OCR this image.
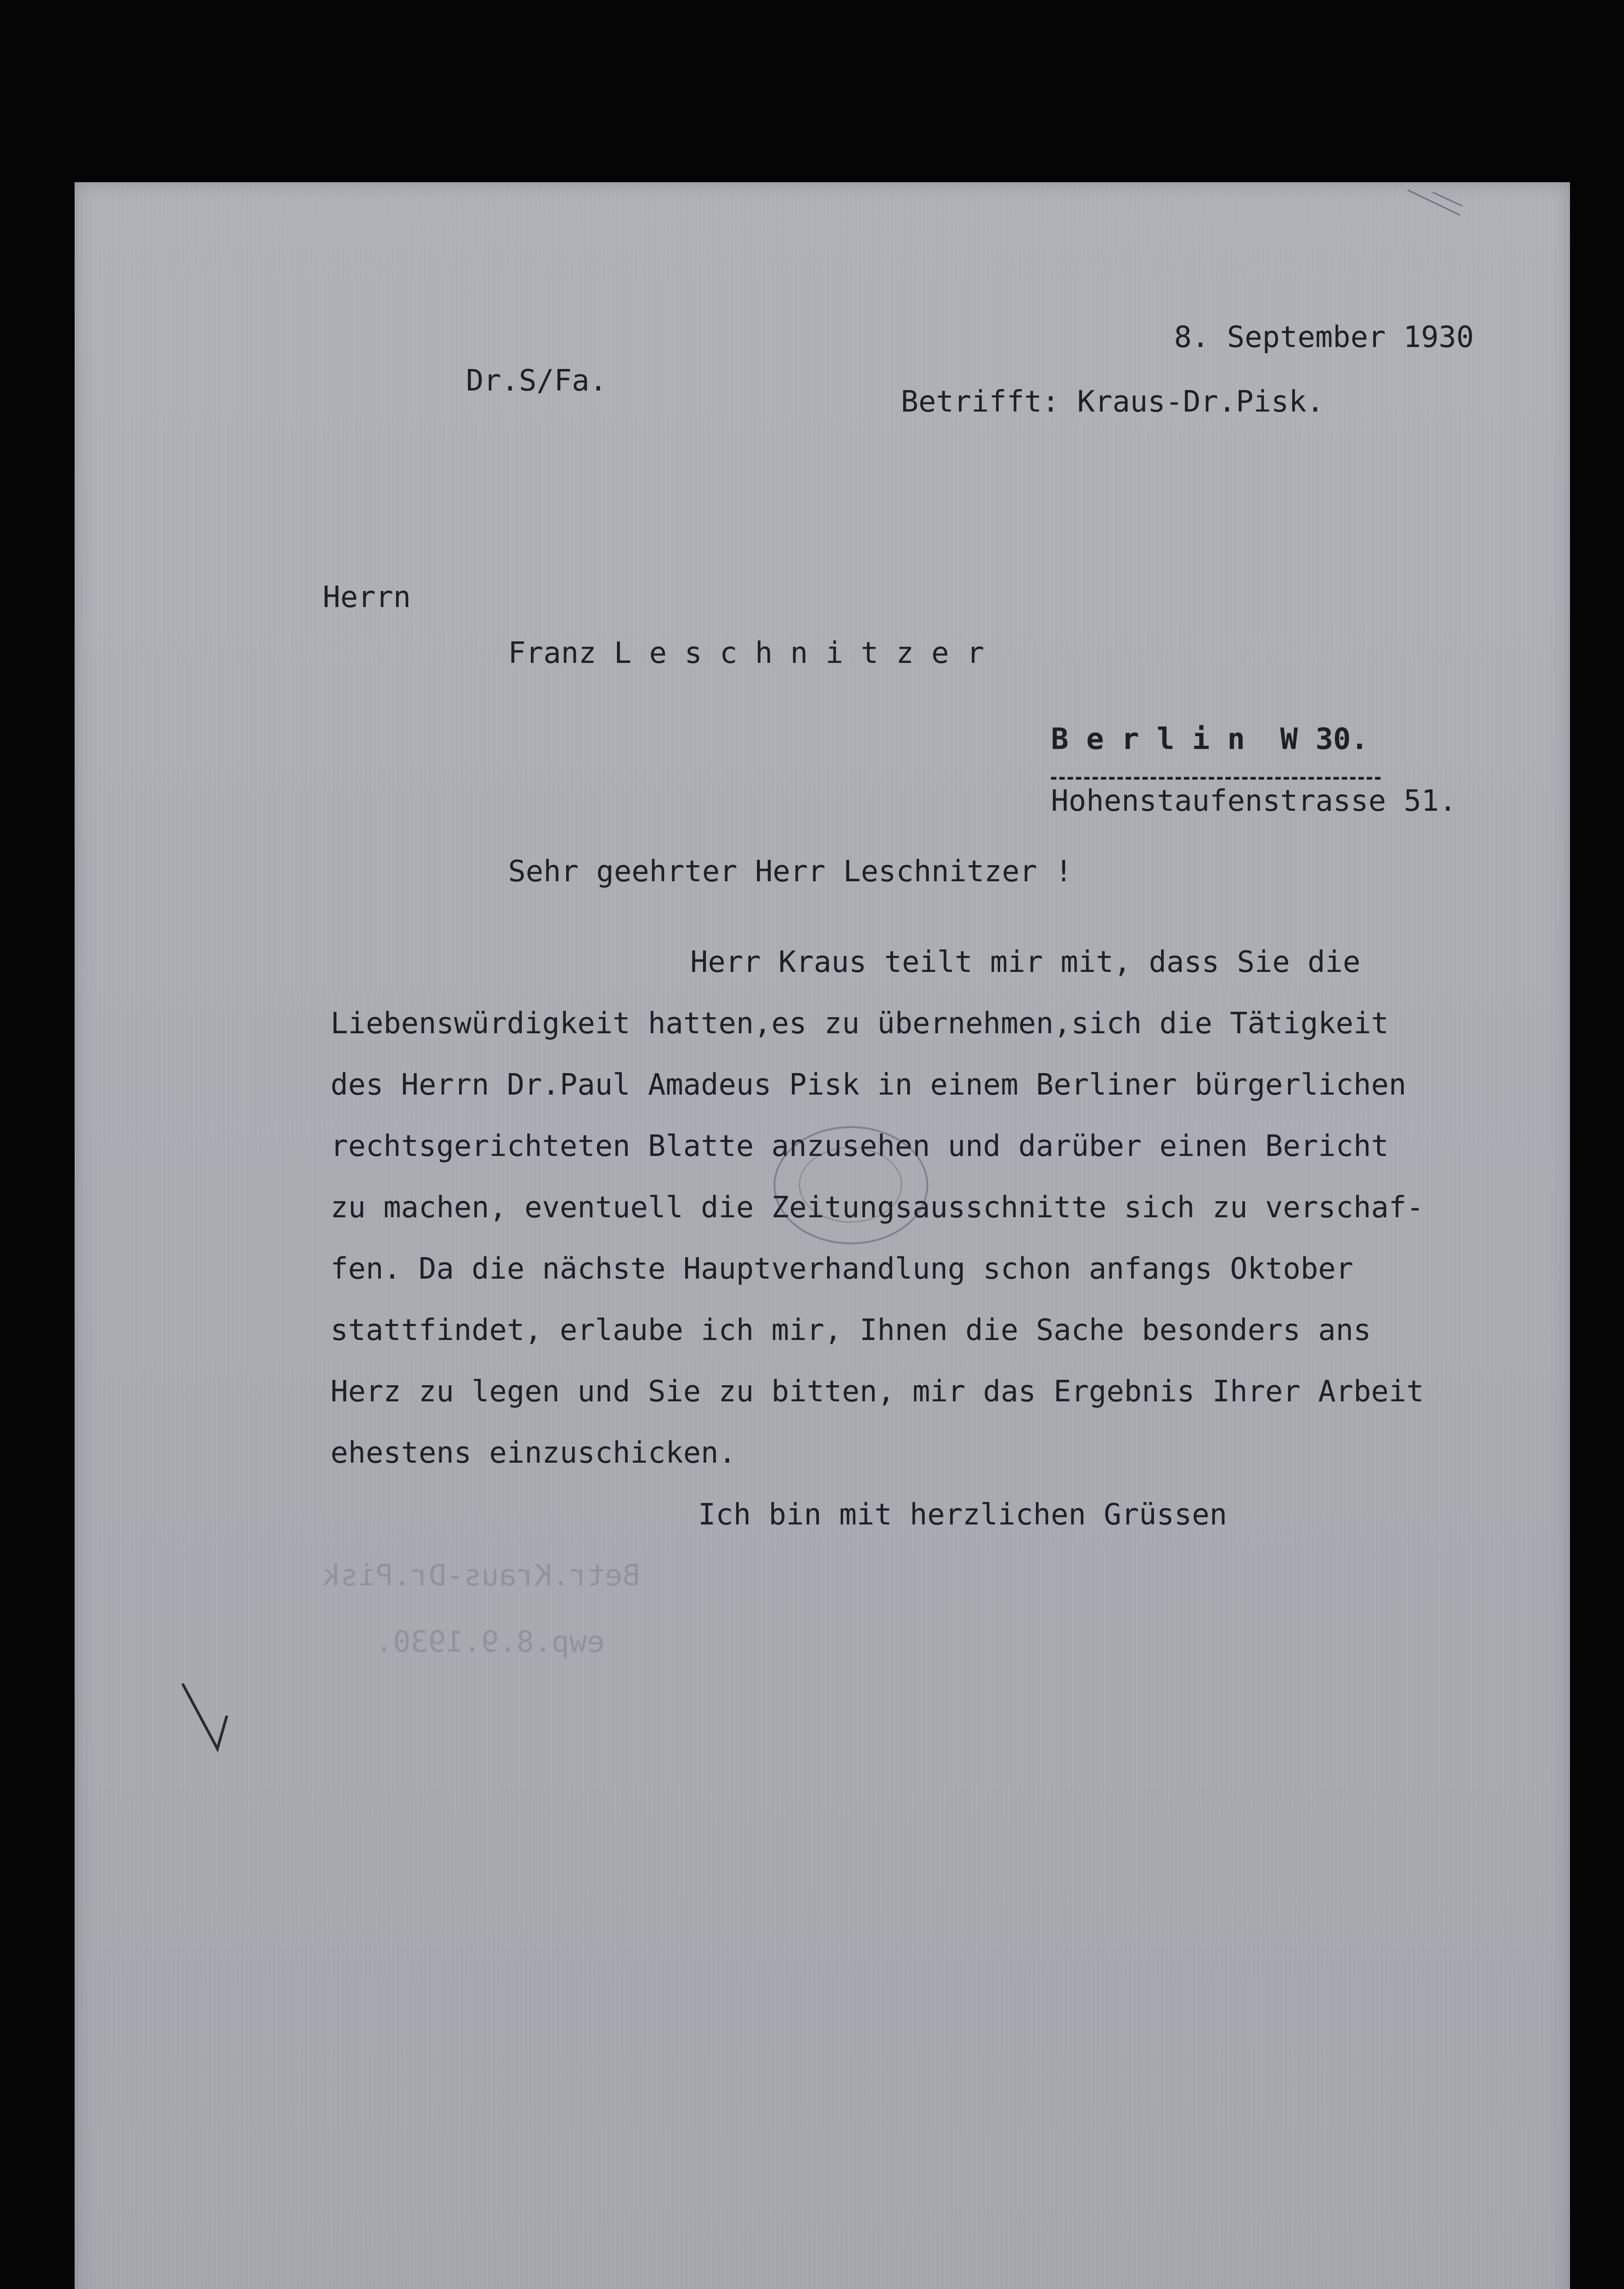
8. September 1930
Dr.S/Fa.
Betrifft: Kraus-Dr.Pisk.
Herrn
Franz L e s c h n i t z e r
B e r l i n  W 30.
Hohenstaufenstrasse 51.
Sehr geehrter Herr Leschnitzer !
Herr Kraus teilt mir mit, dass Sie die
Liebenswürdigkeit hatten,es zu übernehmen,sich die Tätigkeit
des Herrn Dr.Paul Amadeus Pisk in einem Berliner bürgerlichen
rechtsgerichteten Blatte anzusehen und darüber einen Bericht
zu machen, eventuell die Zeitungsausschnitte sich zu verschaf-
fen. Da die nächste Hauptverhandlung schon anfangs Oktober
stattfindet, erlaube ich mir, Ihnen die Sache besonders ans
Herz zu legen und Sie zu bitten, mir das Ergebnis Ihrer Arbeit
ehestens einzuschicken.
Ich bin mit herzlichen Grüssen
Betr.Kraus-Dr.Pisk
ewp.8.9.1930.
